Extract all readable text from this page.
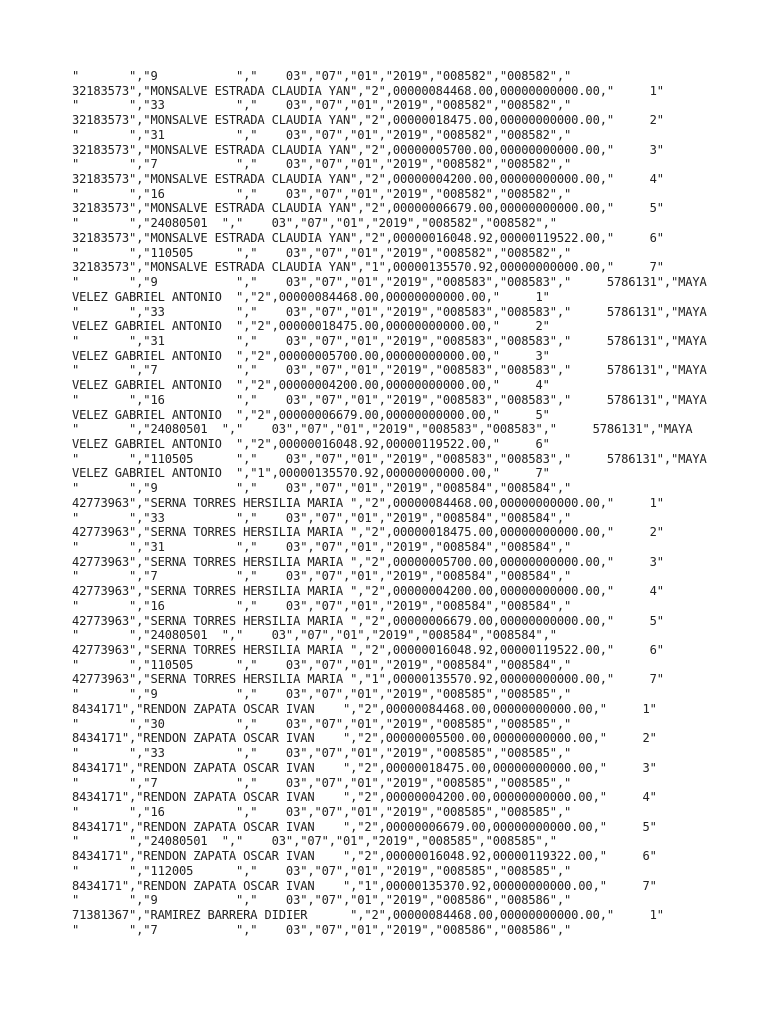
"       ","9           ","    03","07","01","2019","008582","008582","
32183573","MONSALVE ESTRADA CLAUDIA YAN","2",00000084468.00,00000000000.00,"     1"
"       ","33          ","    03","07","01","2019","008582","008582","
32183573","MONSALVE ESTRADA CLAUDIA YAN","2",00000018475.00,00000000000.00,"     2"
"       ","31          ","    03","07","01","2019","008582","008582","
32183573","MONSALVE ESTRADA CLAUDIA YAN","2",00000005700.00,00000000000.00,"     3"
"       ","7           ","    03","07","01","2019","008582","008582","
32183573","MONSALVE ESTRADA CLAUDIA YAN","2",00000004200.00,00000000000.00,"     4"
"       ","16          ","    03","07","01","2019","008582","008582","
32183573","MONSALVE ESTRADA CLAUDIA YAN","2",00000006679.00,00000000000.00,"     5"
"       ","24080501  ","    03","07","01","2019","008582","008582","
32183573","MONSALVE ESTRADA CLAUDIA YAN","2",00000016048.92,00000119522.00,"     6"
"       ","110505      ","    03","07","01","2019","008582","008582","
32183573","MONSALVE ESTRADA CLAUDIA YAN","1",00000135570.92,00000000000.00,"     7"
"       ","9           ","    03","07","01","2019","008583","008583","     5786131","MAYA
VELEZ GABRIEL ANTONIO  ","2",00000084468.00,00000000000.00,"     1"
"       ","33          ","    03","07","01","2019","008583","008583","     5786131","MAYA
VELEZ GABRIEL ANTONIO  ","2",00000018475.00,00000000000.00,"     2"
"       ","31          ","    03","07","01","2019","008583","008583","     5786131","MAYA
VELEZ GABRIEL ANTONIO  ","2",00000005700.00,00000000000.00,"     3"
"       ","7           ","    03","07","01","2019","008583","008583","     5786131","MAYA
VELEZ GABRIEL ANTONIO  ","2",00000004200.00,00000000000.00,"     4"
"       ","16          ","    03","07","01","2019","008583","008583","     5786131","MAYA
VELEZ GABRIEL ANTONIO  ","2",00000006679.00,00000000000.00,"     5"
"       ","24080501  ","    03","07","01","2019","008583","008583","     5786131","MAYA
VELEZ GABRIEL ANTONIO  ","2",00000016048.92,00000119522.00,"     6"
"       ","110505      ","    03","07","01","2019","008583","008583","     5786131","MAYA
VELEZ GABRIEL ANTONIO  ","1",00000135570.92,00000000000.00,"     7"
"       ","9           ","    03","07","01","2019","008584","008584","
42773963","SERNA TORRES HERSILIA MARIA ","2",00000084468.00,00000000000.00,"     1"
"       ","33          ","    03","07","01","2019","008584","008584","
42773963","SERNA TORRES HERSILIA MARIA ","2",00000018475.00,00000000000.00,"     2"
"       ","31          ","    03","07","01","2019","008584","008584","
42773963","SERNA TORRES HERSILIA MARIA ","2",00000005700.00,00000000000.00,"     3"
"       ","7           ","    03","07","01","2019","008584","008584","
42773963","SERNA TORRES HERSILIA MARIA ","2",00000004200.00,00000000000.00,"     4"
"       ","16          ","    03","07","01","2019","008584","008584","
42773963","SERNA TORRES HERSILIA MARIA ","2",00000006679.00,00000000000.00,"     5"
"       ","24080501  ","    03","07","01","2019","008584","008584","
42773963","SERNA TORRES HERSILIA MARIA ","2",00000016048.92,00000119522.00,"     6"
"       ","110505      ","    03","07","01","2019","008584","008584","
42773963","SERNA TORRES HERSILIA MARIA ","1",00000135570.92,00000000000.00,"     7"
"       ","9           ","    03","07","01","2019","008585","008585","
8434171","RENDON ZAPATA OSCAR IVAN    ","2",00000084468.00,00000000000.00,"     1"
"       ","30          ","    03","07","01","2019","008585","008585","
8434171","RENDON ZAPATA OSCAR IVAN    ","2",00000005500.00,00000000000.00,"     2"
"       ","33          ","    03","07","01","2019","008585","008585","
8434171","RENDON ZAPATA OSCAR IVAN    ","2",00000018475.00,00000000000.00,"     3"
"       ","7           ","    03","07","01","2019","008585","008585","
8434171","RENDON ZAPATA OSCAR IVAN    ","2",00000004200.00,00000000000.00,"     4"
"       ","16          ","    03","07","01","2019","008585","008585","
8434171","RENDON ZAPATA OSCAR IVAN    ","2",00000006679.00,00000000000.00,"     5"
"       ","24080501  ","    03","07","01","2019","008585","008585","
8434171","RENDON ZAPATA OSCAR IVAN    ","2",00000016048.92,00000119322.00,"     6"
"       ","112005      ","    03","07","01","2019","008585","008585","
8434171","RENDON ZAPATA OSCAR IVAN    ","1",00000135370.92,00000000000.00,"     7"
"       ","9           ","    03","07","01","2019","008586","008586","
71381367","RAMIREZ BARRERA DIDIER      ","2",00000084468.00,00000000000.00,"     1"
"       ","7           ","    03","07","01","2019","008586","008586","
